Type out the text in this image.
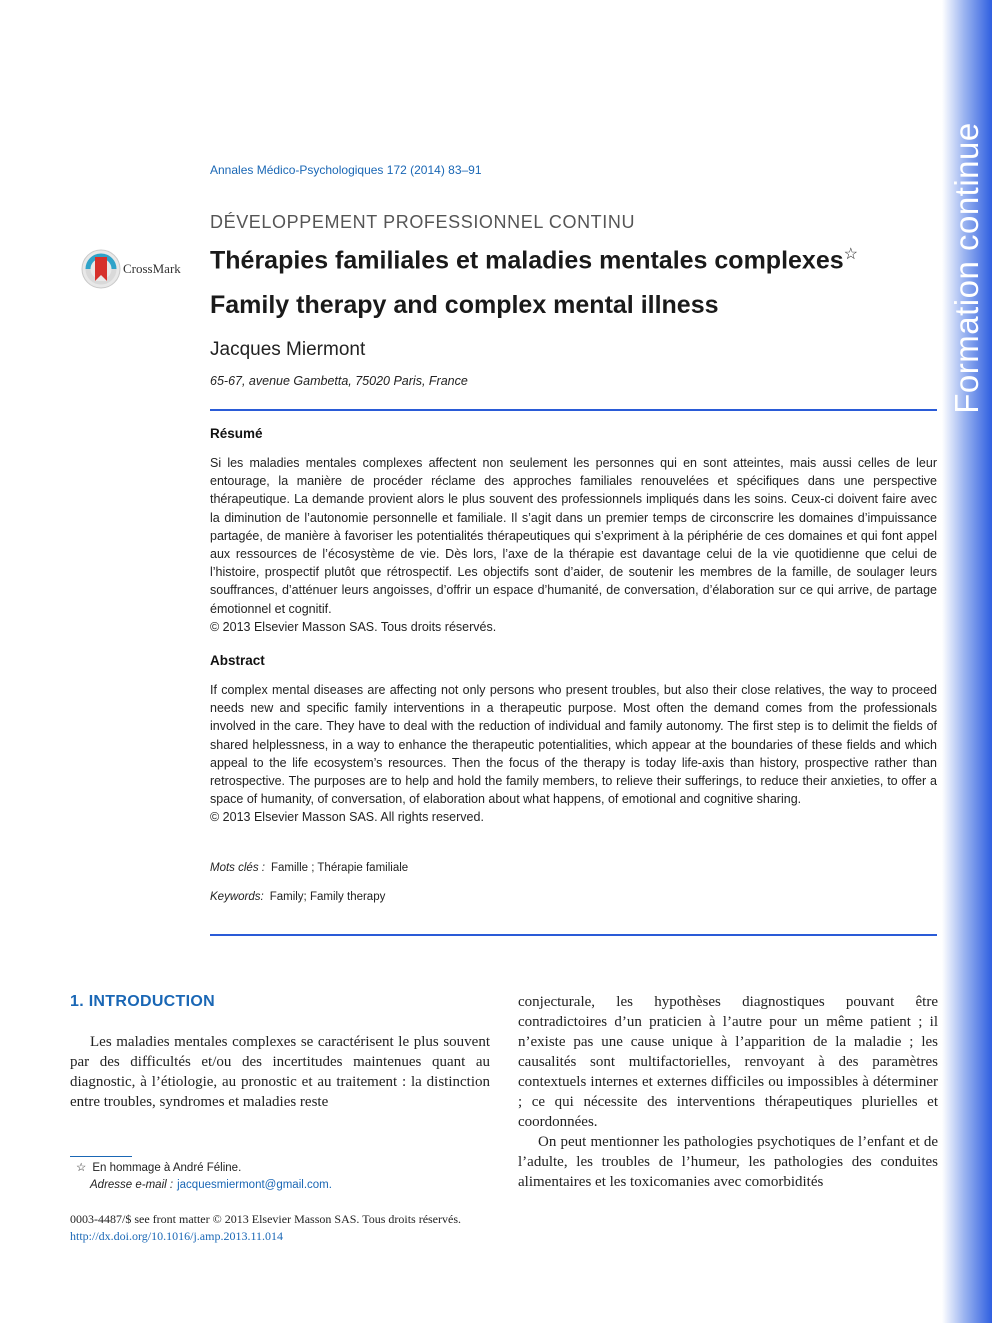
Formation continue
Annales Médico-Psychologiques 172 (2014) 83–91
DÉVELOPPEMENT PROFESSIONNEL CONTINU
CrossMark Thérapies familiales et maladies mentales complexes☆
Family therapy and complex mental illness
Jacques Miermont
65-67, avenue Gambetta, 75020 Paris, France
Résumé

Si les maladies mentales complexes affectent non seulement les personnes qui en sont atteintes, mais aussi celles de leur entourage, la manière de procéder réclame des approches familiales renouvelées et spécifiques dans une perspective thérapeutique. La demande provient alors le plus souvent des professionnels impliqués dans les soins. Ceux-ci doivent faire avec la diminution de l’autonomie personnelle et familiale. Il s’agit dans un premier temps de circonscrire les domaines d’impuissance partagée, de manière à favoriser les potentialités thérapeutiques qui s’expriment à la périphérie de ces domaines et qui font appel aux ressources de l’écosystème de vie. Dès lors, l’axe de la thérapie est davantage celui de la vie quotidienne que celui de l’histoire, prospectif plutôt que rétrospectif. Les objectifs sont d’aider, de soutenir les membres de la famille, de soulager leurs souffrances, d’atténuer leurs angoisses, d’offrir un espace d’humanité, de conversation, d’élaboration sur ce qui arrive, de partage émotionnel et cognitif.

© 2013 Elsevier Masson SAS. Tous droits réservés.

Abstract

If complex mental diseases are affecting not only persons who present troubles, but also their close relatives, the way to proceed needs new and specific family interventions in a therapeutic purpose. Most often the demand comes from the professionals involved in the care. They have to deal with the reduction of individual and family autonomy. The first step is to delimit the fields of shared helplessness, in a way to enhance the therapeutic potentialities, which appear at the boundaries of these fields and which appeal to the life ecosystem’s resources. Then the focus of the therapy is today life-axis than history, prospective rather than retrospective. The purposes are to help and hold the family members, to relieve their sufferings, to reduce their anxieties, to offer a space of humanity, of conversation, of elaboration about what happens, of emotional and cognitive sharing.

© 2013 Elsevier Masson SAS. All rights reserved.

Mots clés : Famille ; Thérapie familiale
Keywords: Family; Family therapy
1. INTRODUCTION

Les maladies mentales complexes se caractérisent le plus souvent par des difficultés et/ou des incertitudes maintenues quant au diagnostic, à l’étiologie, au pronostic et au traitement : la distinction entre troubles, syndromes et maladies reste

conjecturale, les hypothèses diagnostiques pouvant être contradictoires d’un praticien à l’autre pour un même patient ; il n’existe pas une cause unique à l’apparition de la maladie ; les causalités sont multifactorielles, renvoyant à des paramètres contextuels internes et externes difficiles ou impossibles à déterminer ; ce qui nécessite des interventions thérapeutiques plurielles et coordonnées.

On peut mentionner les pathologies psychotiques de l’enfant et de l’adulte, les troubles de l’humeur, les pathologies des conduites alimentaires et les toxicomanies avec comorbidités

☆ En hommage à André Féline.
Adresse e-mail : jacquesmiermont@gmail.com.
0003-4487/$ see front matter © 2013 Elsevier Masson SAS. Tous droits réservés.
http://dx.doi.org/10.1016/j.amp.2013.11.014
